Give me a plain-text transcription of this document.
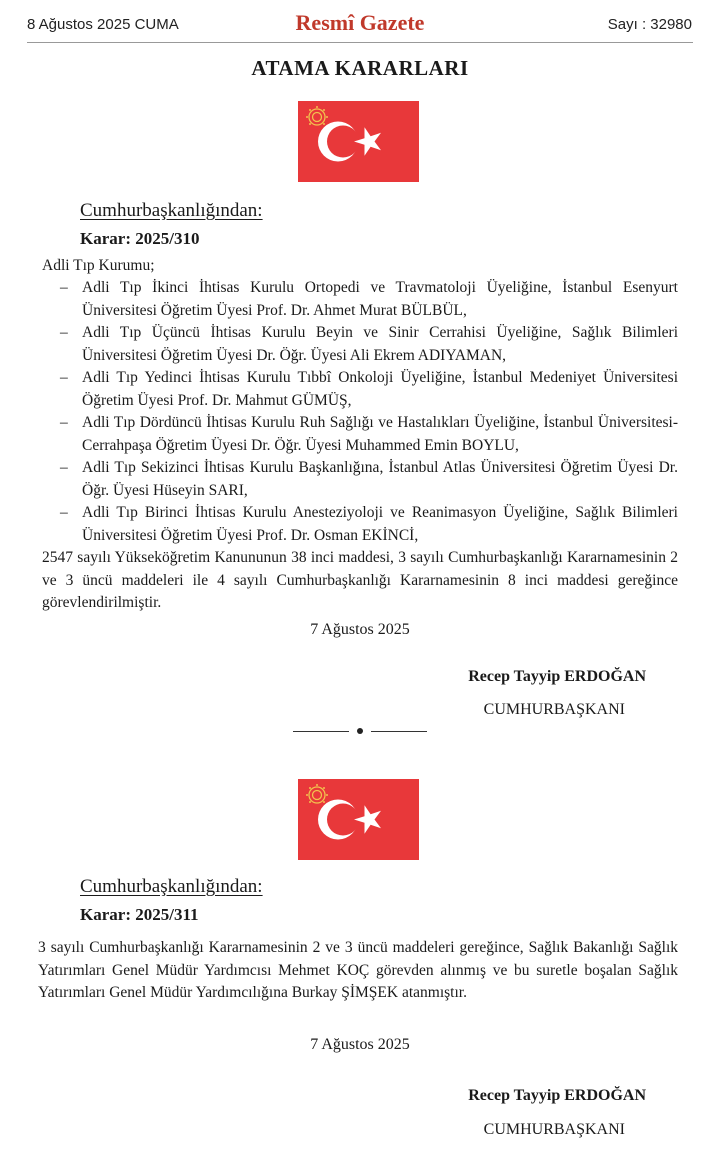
8 Ağustos 2025 CUMA	Resmî Gazete	Sayı : 32980
ATAMA KARARLARI
Cumhurbaşkanlığından:
Karar: 2025/310
Adli Tıp Kurumu;
– Adli Tıp İkinci İhtisas Kurulu Ortopedi ve Travmatoloji Üyeliğine, İstanbul Esenyurt Üniversitesi Öğretim Üyesi Prof. Dr. Ahmet Murat BÜLBÜL,
– Adli Tıp Üçüncü İhtisas Kurulu Beyin ve Sinir Cerrahisi Üyeliğine, Sağlık Bilimleri Üniversitesi Öğretim Üyesi Dr. Öğr. Üyesi Ali Ekrem ADIYAMAN,
– Adli Tıp Yedinci İhtisas Kurulu Tıbbî Onkoloji Üyeliğine, İstanbul Medeniyet Üniversitesi Öğretim Üyesi Prof. Dr. Mahmut GÜMÜŞ,
– Adli Tıp Dördüncü İhtisas Kurulu Ruh Sağlığı ve Hastalıkları Üyeliğine, İstanbul Üniversitesi-Cerrahpaşa Öğretim Üyesi Dr. Öğr. Üyesi Muhammed Emin BOYLU,
– Adli Tıp Sekizinci İhtisas Kurulu Başkanlığına, İstanbul Atlas Üniversitesi Öğretim Üyesi Dr. Öğr. Üyesi Hüseyin SARI,
– Adli Tıp Birinci İhtisas Kurulu Anesteziyoloji ve Reanimasyon Üyeliğine, Sağlık Bilimleri Üniversitesi Öğretim Üyesi Prof. Dr. Osman EKİNCİ,
2547 sayılı Yükseköğretim Kanununun 38 inci maddesi, 3 sayılı Cumhurbaşkanlığı Kararnamesinin 2 ve 3 üncü maddeleri ile 4 sayılı Cumhurbaşkanlığı Kararnamesinin 8 inci maddesi gereğince görevlendirilmiştir.
7 Ağustos 2025
Recep Tayyip ERDOĞAN
CUMHURBAŞKANI
Cumhurbaşkanlığından:
Karar: 2025/311
3 sayılı Cumhurbaşkanlığı Kararnamesinin 2 ve 3 üncü maddeleri gereğince, Sağlık Bakanlığı Sağlık Yatırımları Genel Müdür Yardımcısı Mehmet KOÇ görevden alınmış ve bu suretle boşalan Sağlık Yatırımları Genel Müdür Yardımcılığına Burkay ŞİMŞEK atanmıştır.
7 Ağustos 2025
Recep Tayyip ERDOĞAN
CUMHURBAŞKANI
